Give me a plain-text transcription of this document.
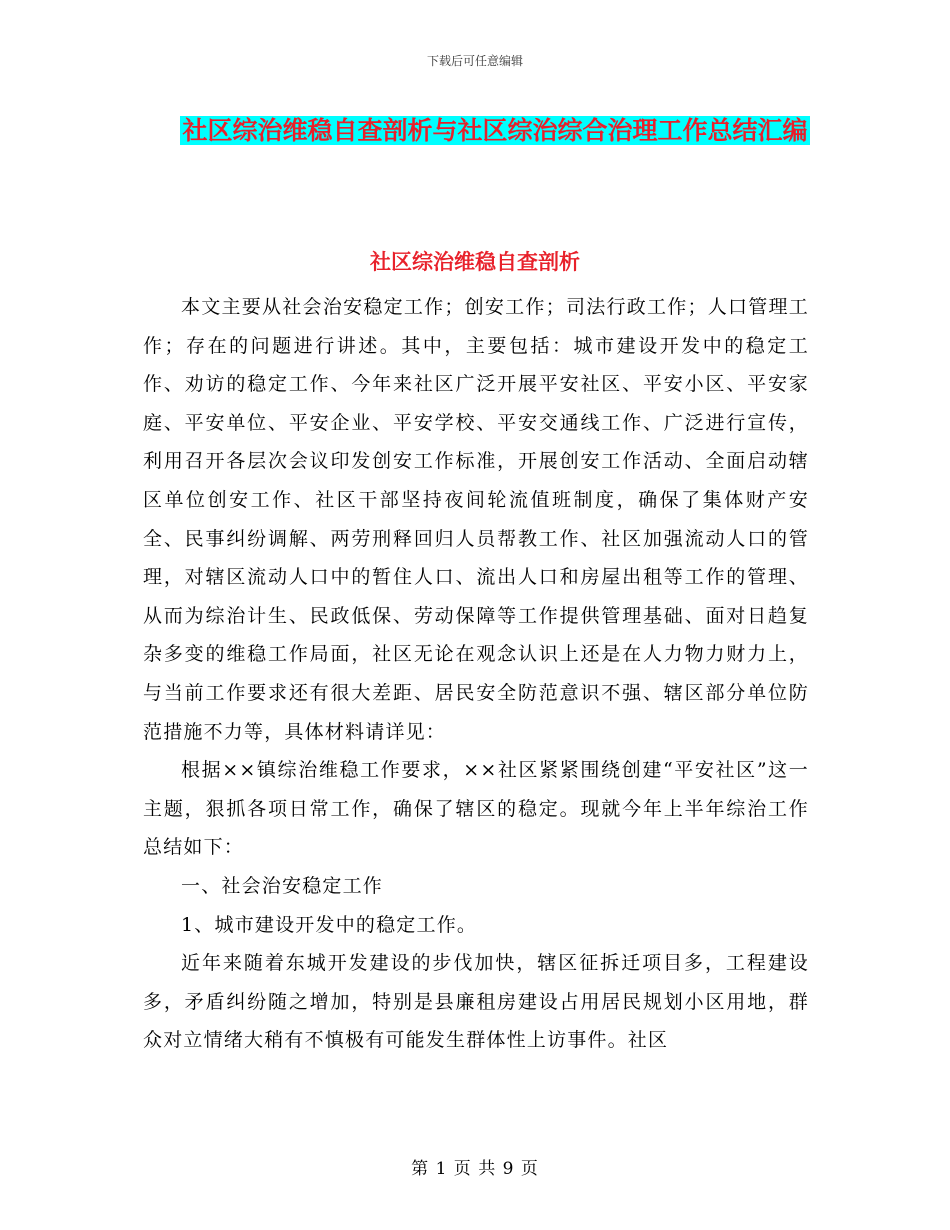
下载后可任意编辑
社区综治维稳自查剖析与社区综治综合治理工作总结汇编
社区综治维稳自查剖析

本文主要从社会治安稳定工作；创安工作；司法行政工作；人口管理工作；存在的问题进行讲述。其中，主要包括：城市建设开发中的稳定工作、劝访的稳定工作、今年来社区广泛开展平安社区、平安小区、平安家庭、平安单位、平安企业、平安学校、平安交通线工作、广泛进行宣传，利用召开各层次会议印发创安工作标准，开展创安工作活动、全面启动辖区单位创安工作、社区干部坚持夜间轮流值班制度，确保了集体财产安全、民事纠纷调解、两劳刑释回归人员帮教工作、社区加强流动人口的管理，对辖区流动人口中的暂住人口、流出人口和房屋出租等工作的管理、从而为综治计生、民政低保、劳动保障等工作提供管理基础、面对日趋复杂多变的维稳工作局面，社区无论在观念认识上还是在人力物力财力上，与当前工作要求还有很大差距、居民安全防范意识不强、辖区部分单位防范措施不力等，具体材料请详见：

根据××镇综治维稳工作要求，××社区紧紧围绕创建“平安社区”这一主题，狠抓各项日常工作，确保了辖区的稳定。现就今年上半年综治工作总结如下：

一、社会治安稳定工作

1、城市建设开发中的稳定工作。

近年来随着东城开发建设的步伐加快，辖区征拆迁项目多，工程建设多，矛盾纠纷随之增加，特别是县廉租房建设占用居民规划小区用地，群众对立情绪大稍有不慎极有可能发生群体性上访事件。社区

第 1 页 共 9 页
